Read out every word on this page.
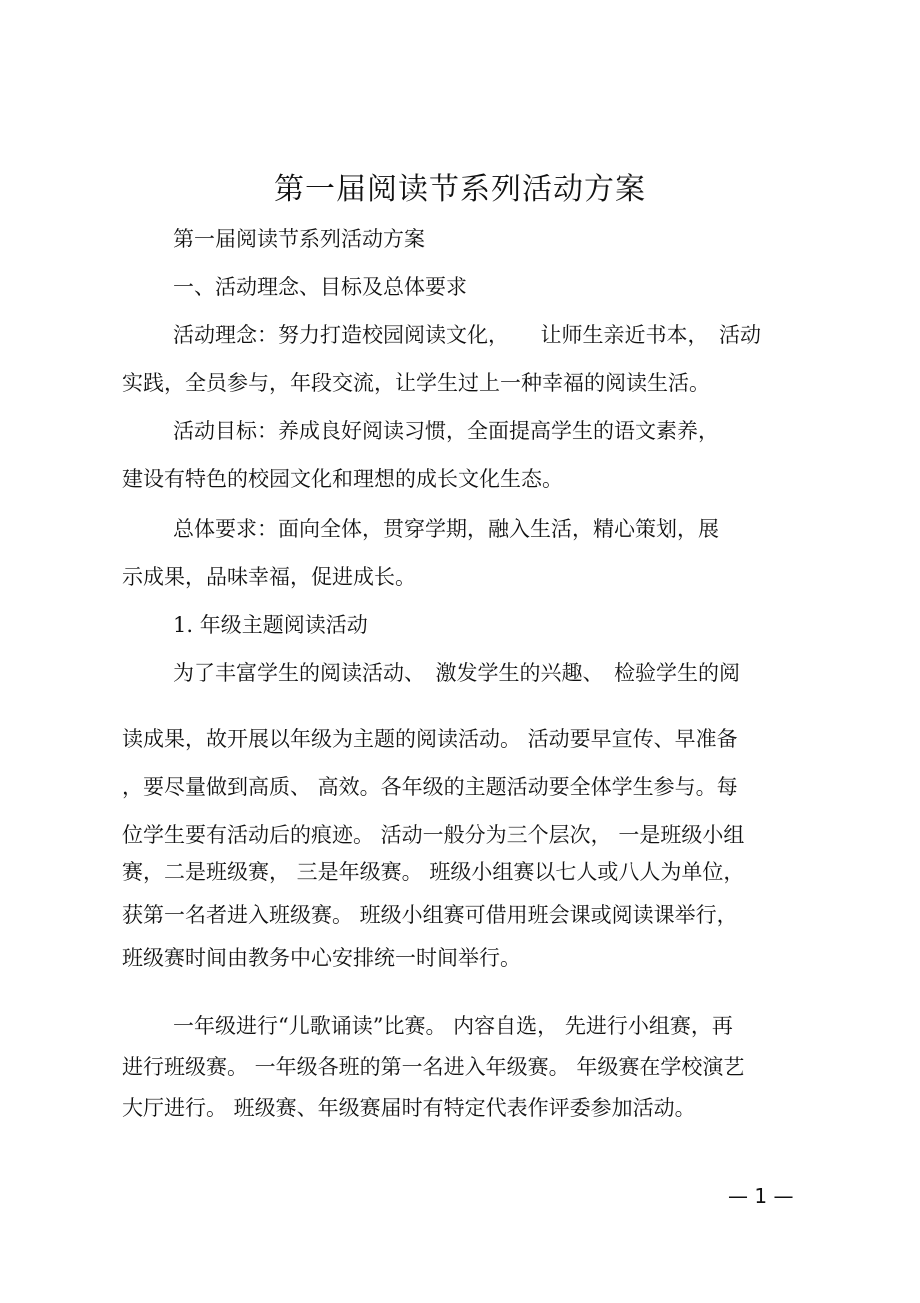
第一届阅读节系列活动方案
第一届阅读节系列活动方案
一、活动理念、目标及总体要求
活动理念：努力打造校园阅读文化，　　让师生亲近书本，　活动
实践，全员参与，年段交流，让学生过上一种幸福的阅读生活。
活动目标：养成良好阅读习惯，全面提高学生的语文素养，
建设有特色的校园文化和理想的成长文化生态。
总体要求：面向全体，贯穿学期，融入生活，精心策划，展
示成果，品味幸福，促进成长。
1. 年级主题阅读活动
为了丰富学生的阅读活动、　激发学生的兴趣、　检验学生的阅
读成果，故开展以年级为主题的阅读活动。 活动要早宣传、早准备
，要尽量做到高质、 高效。各年级的主题活动要全体学生参与。每
位学生要有活动后的痕迹。 活动一般分为三个层次， 一是班级小组
赛，二是班级赛， 三是年级赛。 班级小组赛以七人或八人为单位，
获第一名者进入班级赛。 班级小组赛可借用班会课或阅读课举行，
班级赛时间由教务中心安排统一时间举行。
一年级进行“儿歌诵读”比赛。 内容自选， 先进行小组赛，再
进行班级赛。 一年级各班的第一名进入年级赛。 年级赛在学校演艺
大厅进行。 班级赛、年级赛届时有特定代表作评委参加活动。
— 1 —
